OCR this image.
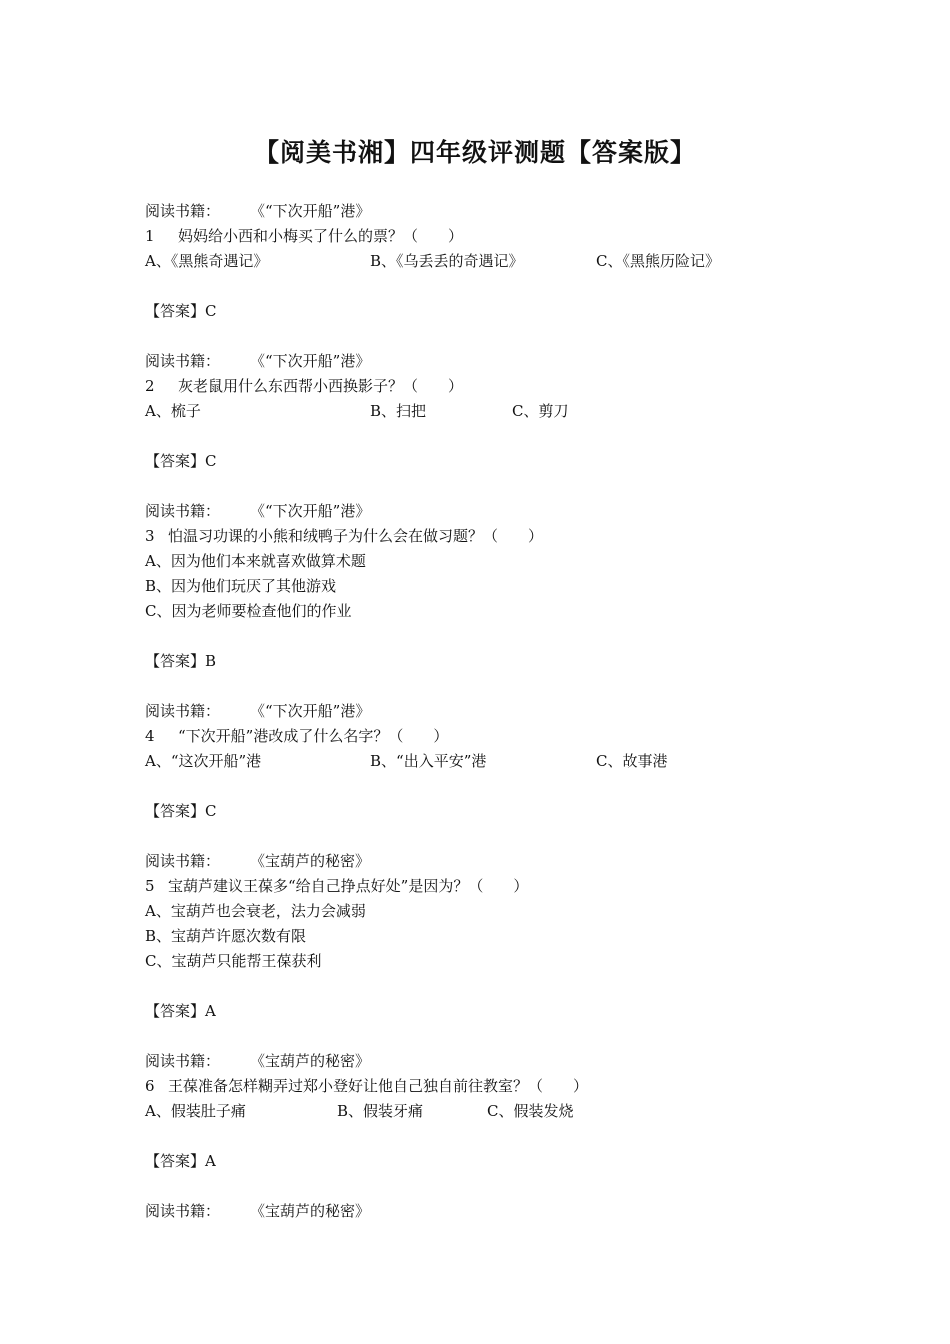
【阅美书湘】四年级评测题【答案版】
阅读书籍： 《“下次开船”港》
1 妈妈给小西和小梅买了什么的票？（　　）
A、《黑熊奇遇记》	B、《乌丢丢的奇遇记》	C、《黑熊历险记》
【答案】C
阅读书籍： 《“下次开船”港》
2 灰老鼠用什么东西帮小西换影子？（　　）
A、梳子	B、扫把	C、剪刀
【答案】C
阅读书籍： 《“下次开船”港》
3 怕温习功课的小熊和绒鸭子为什么会在做习题？（　　）
A、因为他们本来就喜欢做算术题
B、因为他们玩厌了其他游戏
C、因为老师要检查他们的作业
【答案】B
阅读书籍： 《“下次开船”港》
4 “下次开船”港改成了什么名字？（　　）
A、“这次开船”港	B、“出入平安”港	C、故事港
【答案】C
阅读书籍： 《宝葫芦的秘密》
5 宝葫芦建议王葆多“给自己挣点好处”是因为？（　　）
A、宝葫芦也会衰老，法力会减弱
B、宝葫芦许愿次数有限
C、宝葫芦只能帮王葆获利
【答案】A
阅读书籍： 《宝葫芦的秘密》
6 王葆准备怎样糊弄过郑小登好让他自己独自前往教室？（　　）
A、假装肚子痛	B、假装牙痛	C、假装发烧
【答案】A
阅读书籍： 《宝葫芦的秘密》
